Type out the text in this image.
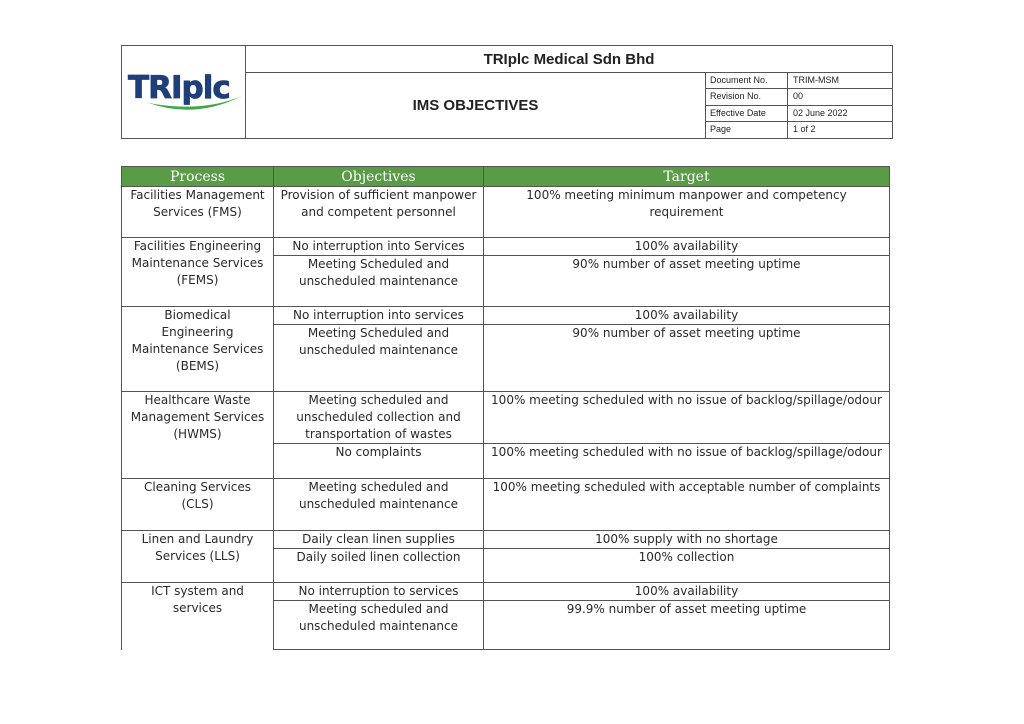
TRIplc
TRIplc Medical Sdn Bhd
IMS OBJECTIVES
Document No.	TRIM-MSM
Revision No.	00
Effective Date	02 June 2022
Page	1 of 2
Process	Objectives	Target
Facilities Management Services (FMS)	Provision of sufficient manpower and competent personnel	100% meeting minimum manpower and competency requirement
Facilities Engineering Maintenance Services (FEMS)	No interruption into Services	100% availability
	Meeting Scheduled and unscheduled maintenance	90% number of asset meeting uptime
Biomedical Engineering Maintenance Services (BEMS)	No interruption into services	100% availability
	Meeting Scheduled and unscheduled maintenance	90% number of asset meeting uptime
Healthcare Waste Management Services (HWMS)	Meeting scheduled and unscheduled collection and transportation of wastes	100% meeting scheduled with no issue of backlog/spillage/odour
	No complaints	100% meeting scheduled with no issue of backlog/spillage/odour
Cleaning Services (CLS)	Meeting scheduled and unscheduled maintenance	100% meeting scheduled with acceptable number of complaints
Linen and Laundry Services (LLS)	Daily clean linen supplies	100% supply with no shortage
	Daily soiled linen collection	100% collection
ICT system and services	No interruption to services	100% availability
	Meeting scheduled and unscheduled maintenance	99.9% number of asset meeting uptime
